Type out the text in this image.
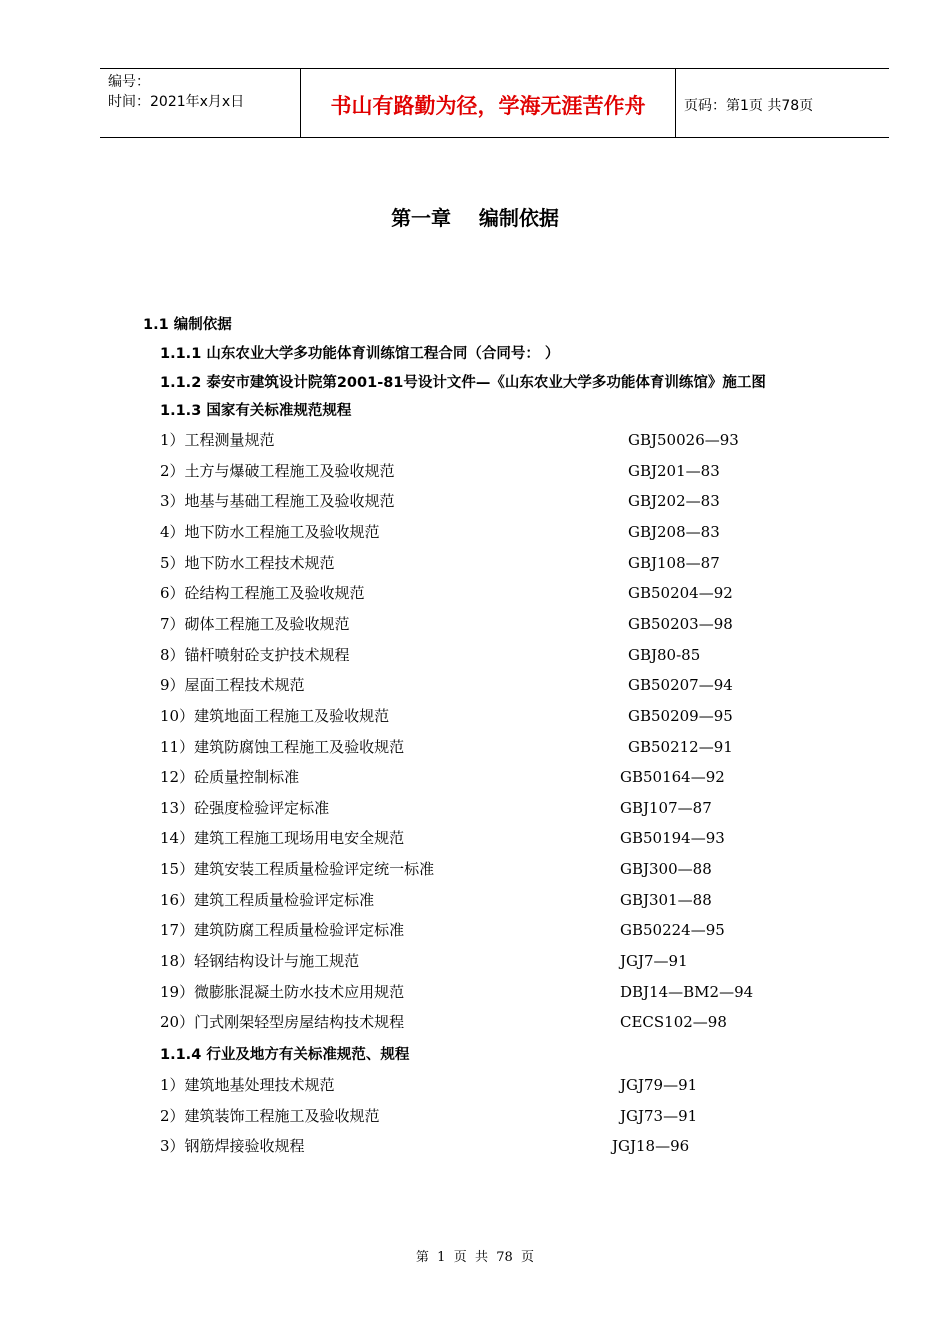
编号：
时间：2021年x月x日	书山有路勤为径，学海无涯苦作舟	页码：第1页 共78页
第一章    编制依据
1.1 编制依据
1.1.1 山东农业大学多功能体育训练馆工程合同（合同号： ）
1.1.2 泰安市建筑设计院第2001-81号设计文件—《山东农业大学多功能体育训练馆》施工图
1.1.3 国家有关标准规范规程
1）工程测量规范	GBJ50026—93
2）土方与爆破工程施工及验收规范	GBJ201—83
3）地基与基础工程施工及验收规范	GBJ202—83
4）地下防水工程施工及验收规范	GBJ208—83
5）地下防水工程技术规范	GBJ108—87
6）砼结构工程施工及验收规范	GB50204—92
7）砌体工程施工及验收规范	GB50203—98
8）锚杆喷射砼支护技术规程	GBJ80-85
9）屋面工程技术规范	GB50207—94
10）建筑地面工程施工及验收规范	GB50209—95
11）建筑防腐蚀工程施工及验收规范	GB50212—91
12）砼质量控制标准	GB50164—92
13）砼强度检验评定标准	GBJ107—87
14）建筑工程施工现场用电安全规范	GB50194—93
15）建筑安装工程质量检验评定统一标准	GBJ300—88
16）建筑工程质量检验评定标准	GBJ301—88
17）建筑防腐工程质量检验评定标准	GB50224—95
18）轻钢结构设计与施工规范	JGJ7—91
19）微膨胀混凝土防水技术应用规范	DBJ14—BM2—94
20）门式刚架轻型房屋结构技术规程	CECS102—98
1.1.4 行业及地方有关标准规范、规程
1）建筑地基处理技术规范	JGJ79—91
2）建筑装饰工程施工及验收规范	JGJ73—91
3）钢筋焊接验收规程	JGJ18—96
第  1  页  共  78  页
